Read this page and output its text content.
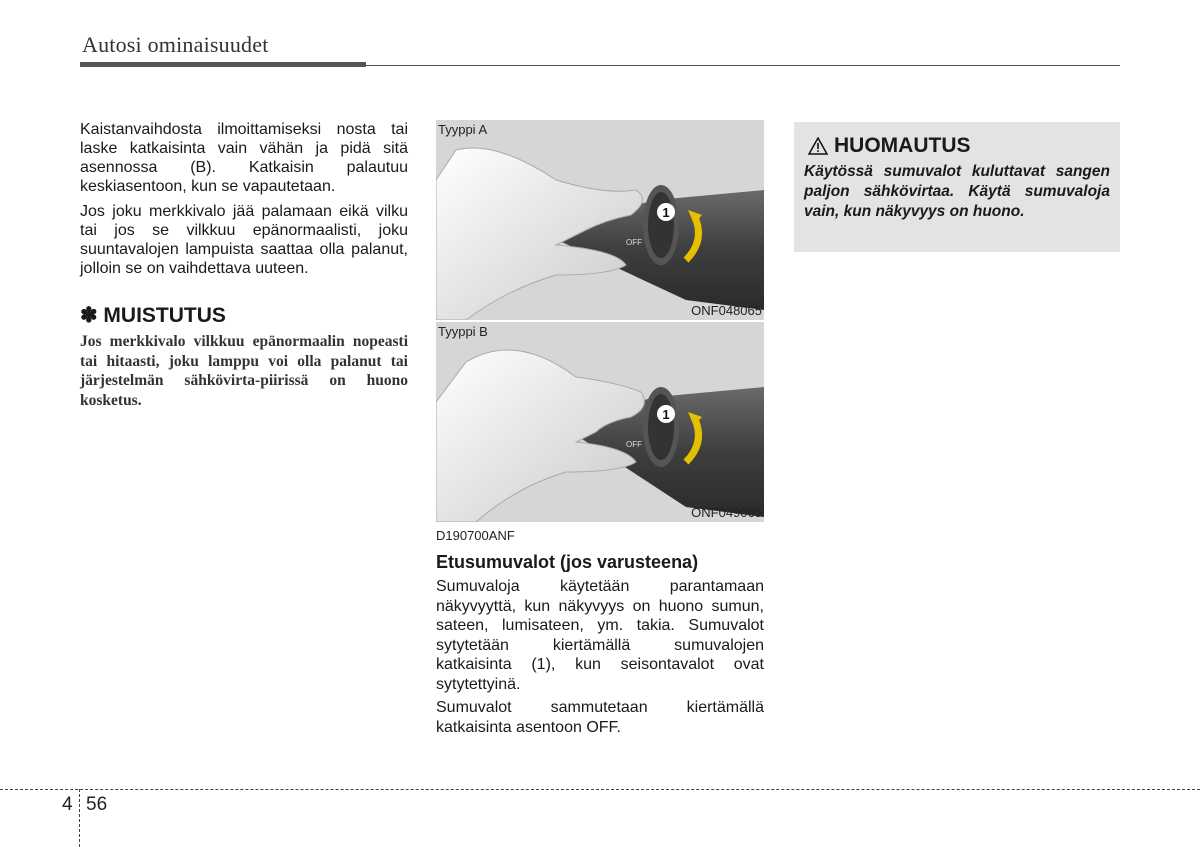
Autosi ominaisuudet

Kaistanvaihdosta ilmoittamiseksi nosta tai laske katkaisinta vain vähän ja pidä sitä asennossa (B). Katkaisin palautuu keskiasentoon, kun se vapautetaan.

Jos joku merkkivalo jää palamaan eikä vilku tai jos se vilkkuu epänormaalisti, joku suuntavalojen lampuista saattaa olla palanut, jolloin se on vaihdettava uuteen.

✽ MUISTUTUS
Jos merkkivalo vilkkuu epänormaalin nopeasti tai hitaasti, joku lamppu voi olla palanut tai järjestelmän sähkövirta-piirissä on huono kosketus.
1
OFF
Tyyppi A
ONF048065
1
OFF
Tyyppi B
ONF049065
D190700ANF
Etusumuvalot (jos varusteena)

Sumuvaloja käytetään parantamaan näkyvyyttä, kun näkyvyys on huono sumun, sateen, lumisateen, ym. takia. Sumuvalot sytytetään kiertämällä sumuvalojen katkaisinta (1), kun seisontavalot ovat sytytettyinä.

Sumuvalot sammutetaan kiertämällä katkaisinta asentoon OFF.

HUOMAUTUS
Käytössä sumuvalot kuluttavat sangen paljon sähkövirtaa. Käytä sumuvaloja vain, kun näkyvyys on huono.
4 56
